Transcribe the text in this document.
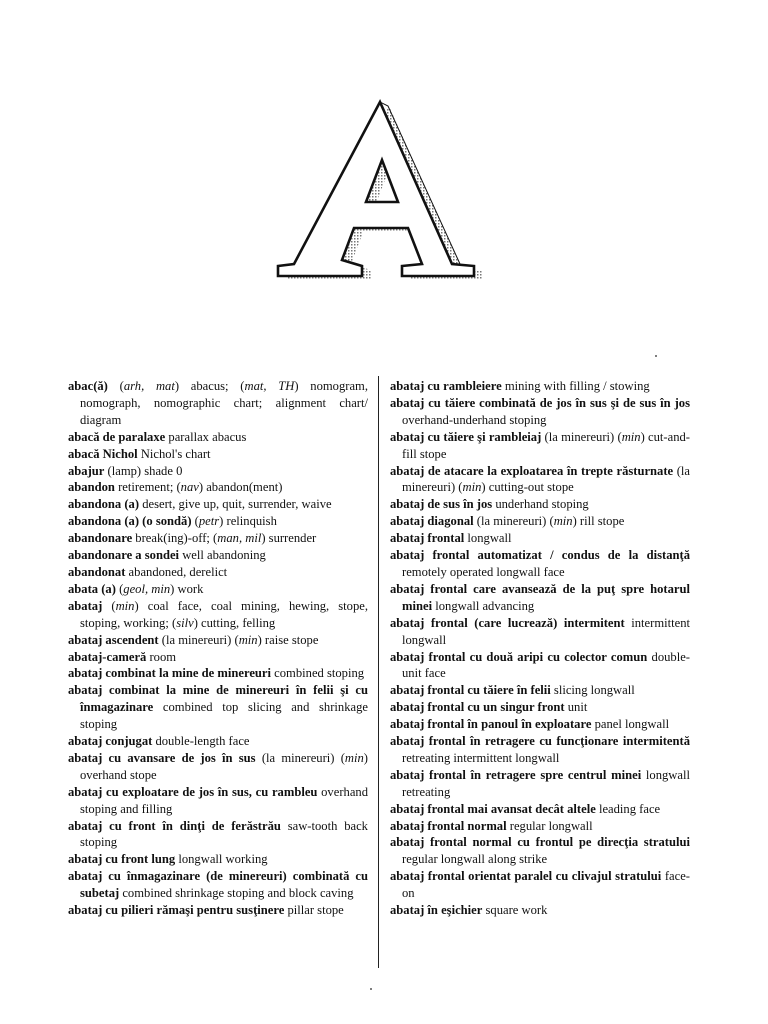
abac(ă) (arh, mat) abacus; (mat, TH) nomogram, nomograph, nomographic chart; alignment chart/ diagram

abacă de paralaxe parallax abacus

abacă Nichol Nichol's chart

abajur (lamp) shade 0

abandon retirement; (nav) abandon(ment)

abandona (a) desert, give up, quit, surrender, waive

abandona (a) (o sondă) (petr) relinquish

abandonare break(ing)-off; (man, mil) surrender

abandonare a sondei well abandoning

abandonat abandoned, derelict

abata (a) (geol, min) work

abataj (min) coal face, coal mining, hewing, stope, stoping, working; (silv) cutting, felling

abataj ascendent (la minereuri) (min) raise stope

abataj-cameră room

abataj combinat la mine de minereuri combined stoping

abataj combinat la mine de minereuri în felii şi cu înmagazinare combined top slicing and shrinkage stoping

abataj conjugat double-length face

abataj cu avansare de jos în sus (la minereuri) (min) overhand stope

abataj cu exploatare de jos în sus, cu rambleu overhand stoping and filling

abataj cu front în dinţi de ferăstrău saw-tooth back stoping

abataj cu front lung longwall working

abataj cu înmagazinare (de minereuri) combinată cu subetaj combined shrinkage stoping and block caving

abataj cu pilieri rămaşi pentru susţinere pillar stope

abataj cu rambleiere mining with filling / stowing

abataj cu tăiere combinată de jos în sus şi de sus în jos overhand-underhand stoping

abataj cu tăiere şi rambleiaj (la minereuri) (min) cut-and-fill stope

abataj de atacare la exploatarea în trepte răsturnate (la minereuri) (min) cutting-out stope

abataj de sus în jos underhand stoping

abataj diagonal (la minereuri) (min) rill stope

abataj frontal longwall

abataj frontal automatizat / condus de la distanţă remotely operated longwall face

abataj frontal care avansează de la puţ spre hotarul minei longwall advancing

abataj frontal (care lucrează) intermitent intermittent longwall

abataj frontal cu două aripi cu colector comun double-unit face

abataj frontal cu tăiere în felii slicing longwall

abataj frontal cu un singur front unit

abataj frontal în panoul în exploatare panel longwall

abataj frontal în retragere cu funcţionare intermitentă retreating intermittent longwall

abataj frontal în retragere spre centrul minei longwall retreating

abataj frontal mai avansat decât altele leading face

abataj frontal normal regular longwall

abataj frontal normal cu frontul pe direcţia stratului regular longwall along strike

abataj frontal orientat paralel cu clivajul stratului face-on

abataj în eşichier square work
